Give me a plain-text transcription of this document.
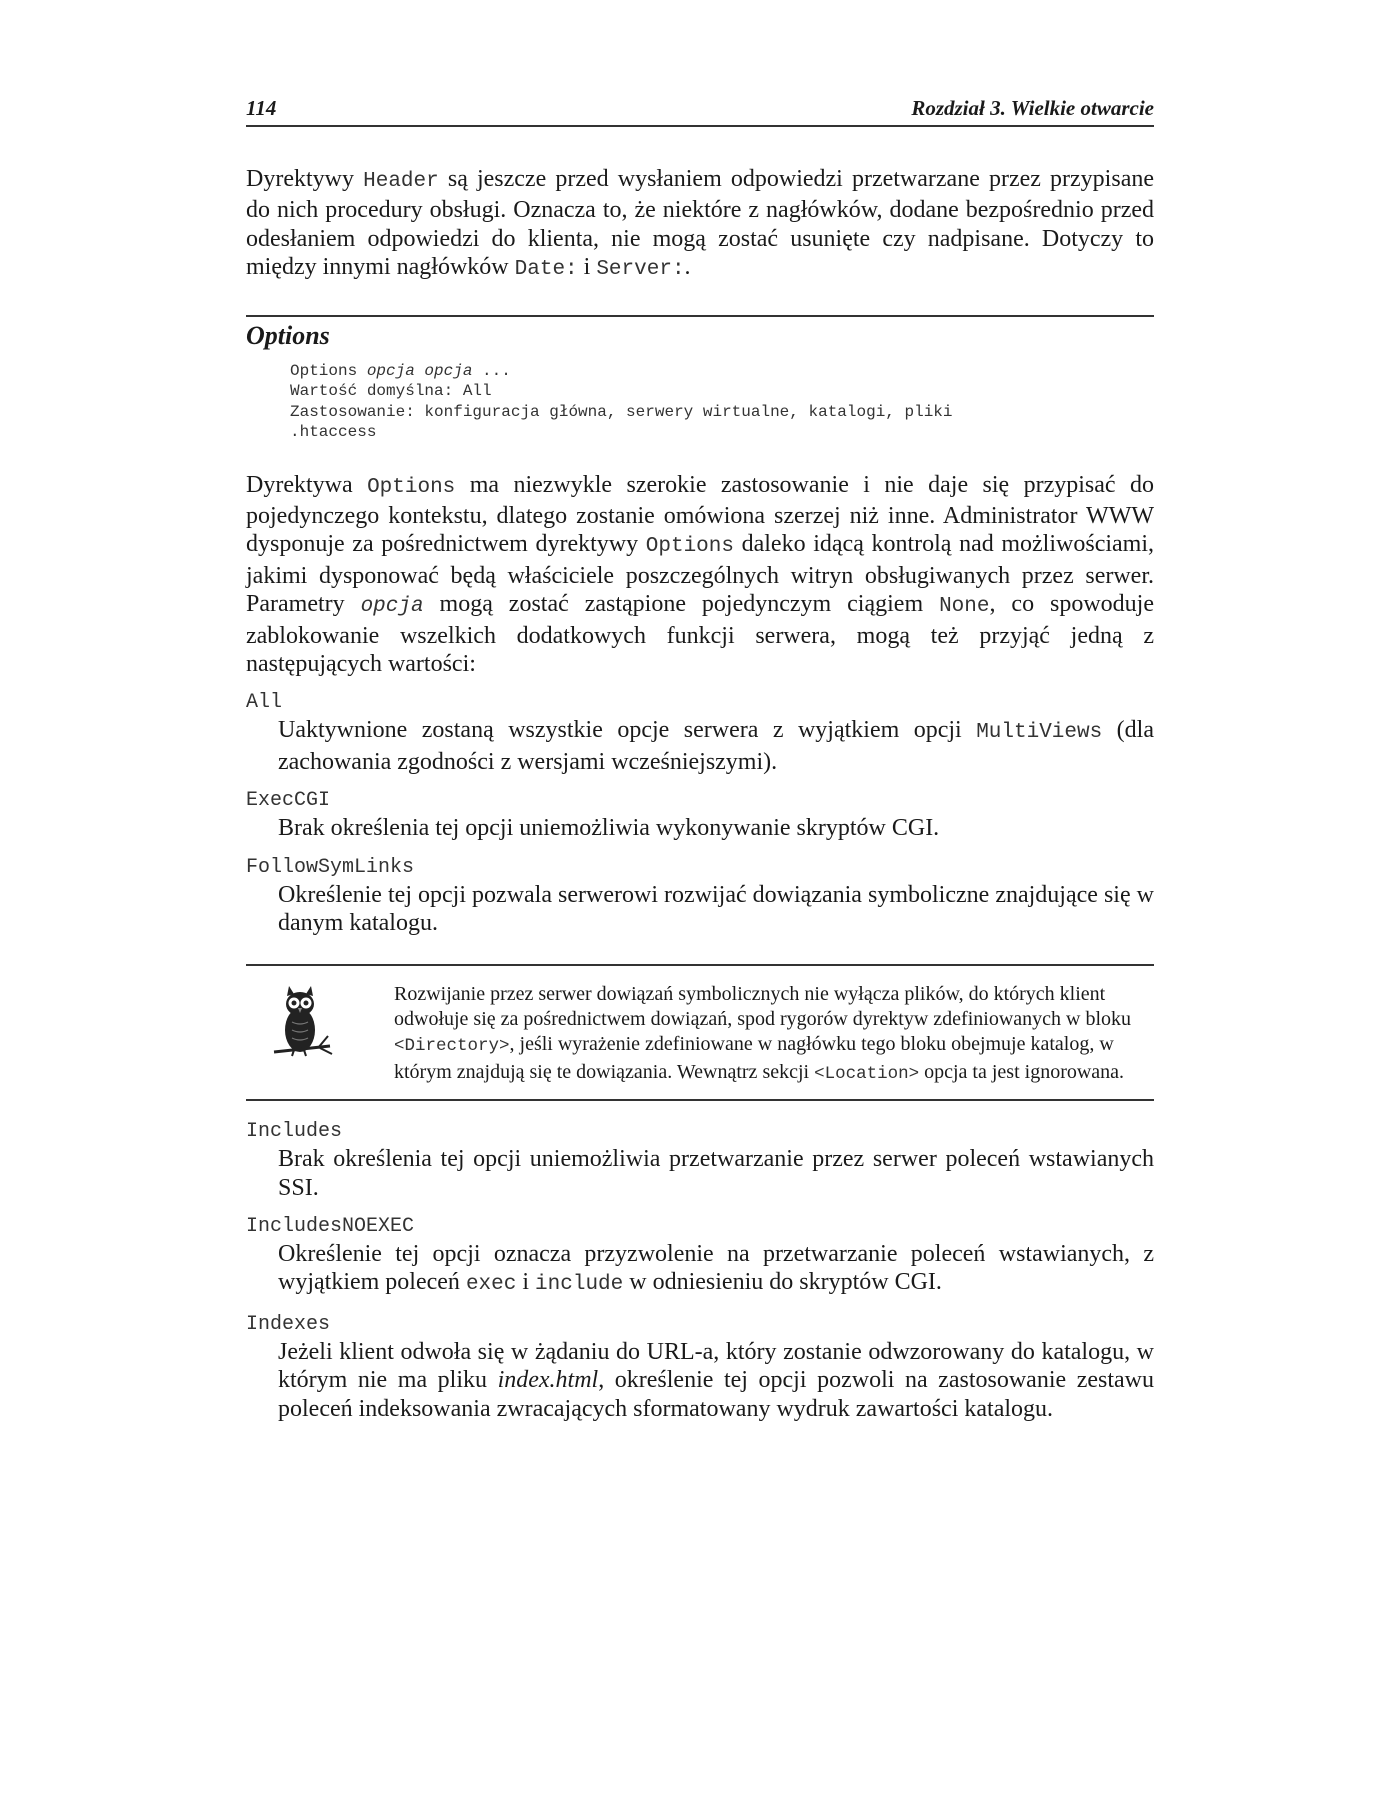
114	Rozdział 3. Wielkie otwarcie

Dyrektywy Header są jeszcze przed wysłaniem odpowiedzi przetwarzane przez przypisane do nich procedury obsługi. Oznacza to, że niektóre z nagłówków, dodane bezpośrednio przed odesłaniem odpowiedzi do klienta, nie mogą zostać usunięte czy nadpisane. Dotyczy to między innymi nagłówków Date: i Server:.

Options
Options opcja opcja ...
Wartość domyślna: All
Zastosowanie: konfiguracja główna, serwery wirtualne, katalogi, pliki
.htaccess

Dyrektywa Options ma niezwykle szerokie zastosowanie i nie daje się przypisać do pojedynczego kontekstu, dlatego zostanie omówiona szerzej niż inne. Administrator WWW dysponuje za pośrednictwem dyrektywy Options daleko idącą kontrolą nad możliwościami, jakimi dysponować będą właściciele poszczególnych witryn obsługiwanych przez serwer. Parametry opcja mogą zostać zastąpione pojedynczym ciągiem None, co spowoduje zablokowanie wszelkich dodatkowych funkcji serwera, mogą też przyjąć jedną z następujących wartości:

All
Uaktywnione zostaną wszystkie opcje serwera z wyjątkiem opcji MultiViews (dla zachowania zgodności z wersjami wcześniejszymi).
ExecCGI
Brak określenia tej opcji uniemożliwia wykonywanie skryptów CGI.
FollowSymLinks
Określenie tej opcji pozwala serwerowi rozwijać dowiązania symboliczne znajdujące się w danym katalogu.

Rozwijanie przez serwer dowiązań symbolicznych nie wyłącza plików, do których klient odwołuje się za pośrednictwem dowiązań, spod rygorów dyrektyw zdefiniowanych w bloku <Directory>, jeśli wyrażenie zdefiniowane w nagłówku tego bloku obejmuje katalog, w którym znajdują się te dowiązania. Wewnątrz sekcji <Location> opcja ta jest ignorowana.

Includes
Brak określenia tej opcji uniemożliwia przetwarzanie przez serwer poleceń wstawianych SSI.
IncludesNOEXEC
Określenie tej opcji oznacza przyzwolenie na przetwarzanie poleceń wstawianych, z wyjątkiem poleceń exec i include w odniesieniu do skryptów CGI.
Indexes
Jeżeli klient odwoła się w żądaniu do URL-a, który zostanie odwzorowany do katalogu, w którym nie ma pliku index.html, określenie tej opcji pozwoli na zastosowanie zestawu poleceń indeksowania zwracających sformatowany wydruk zawartości katalogu.
